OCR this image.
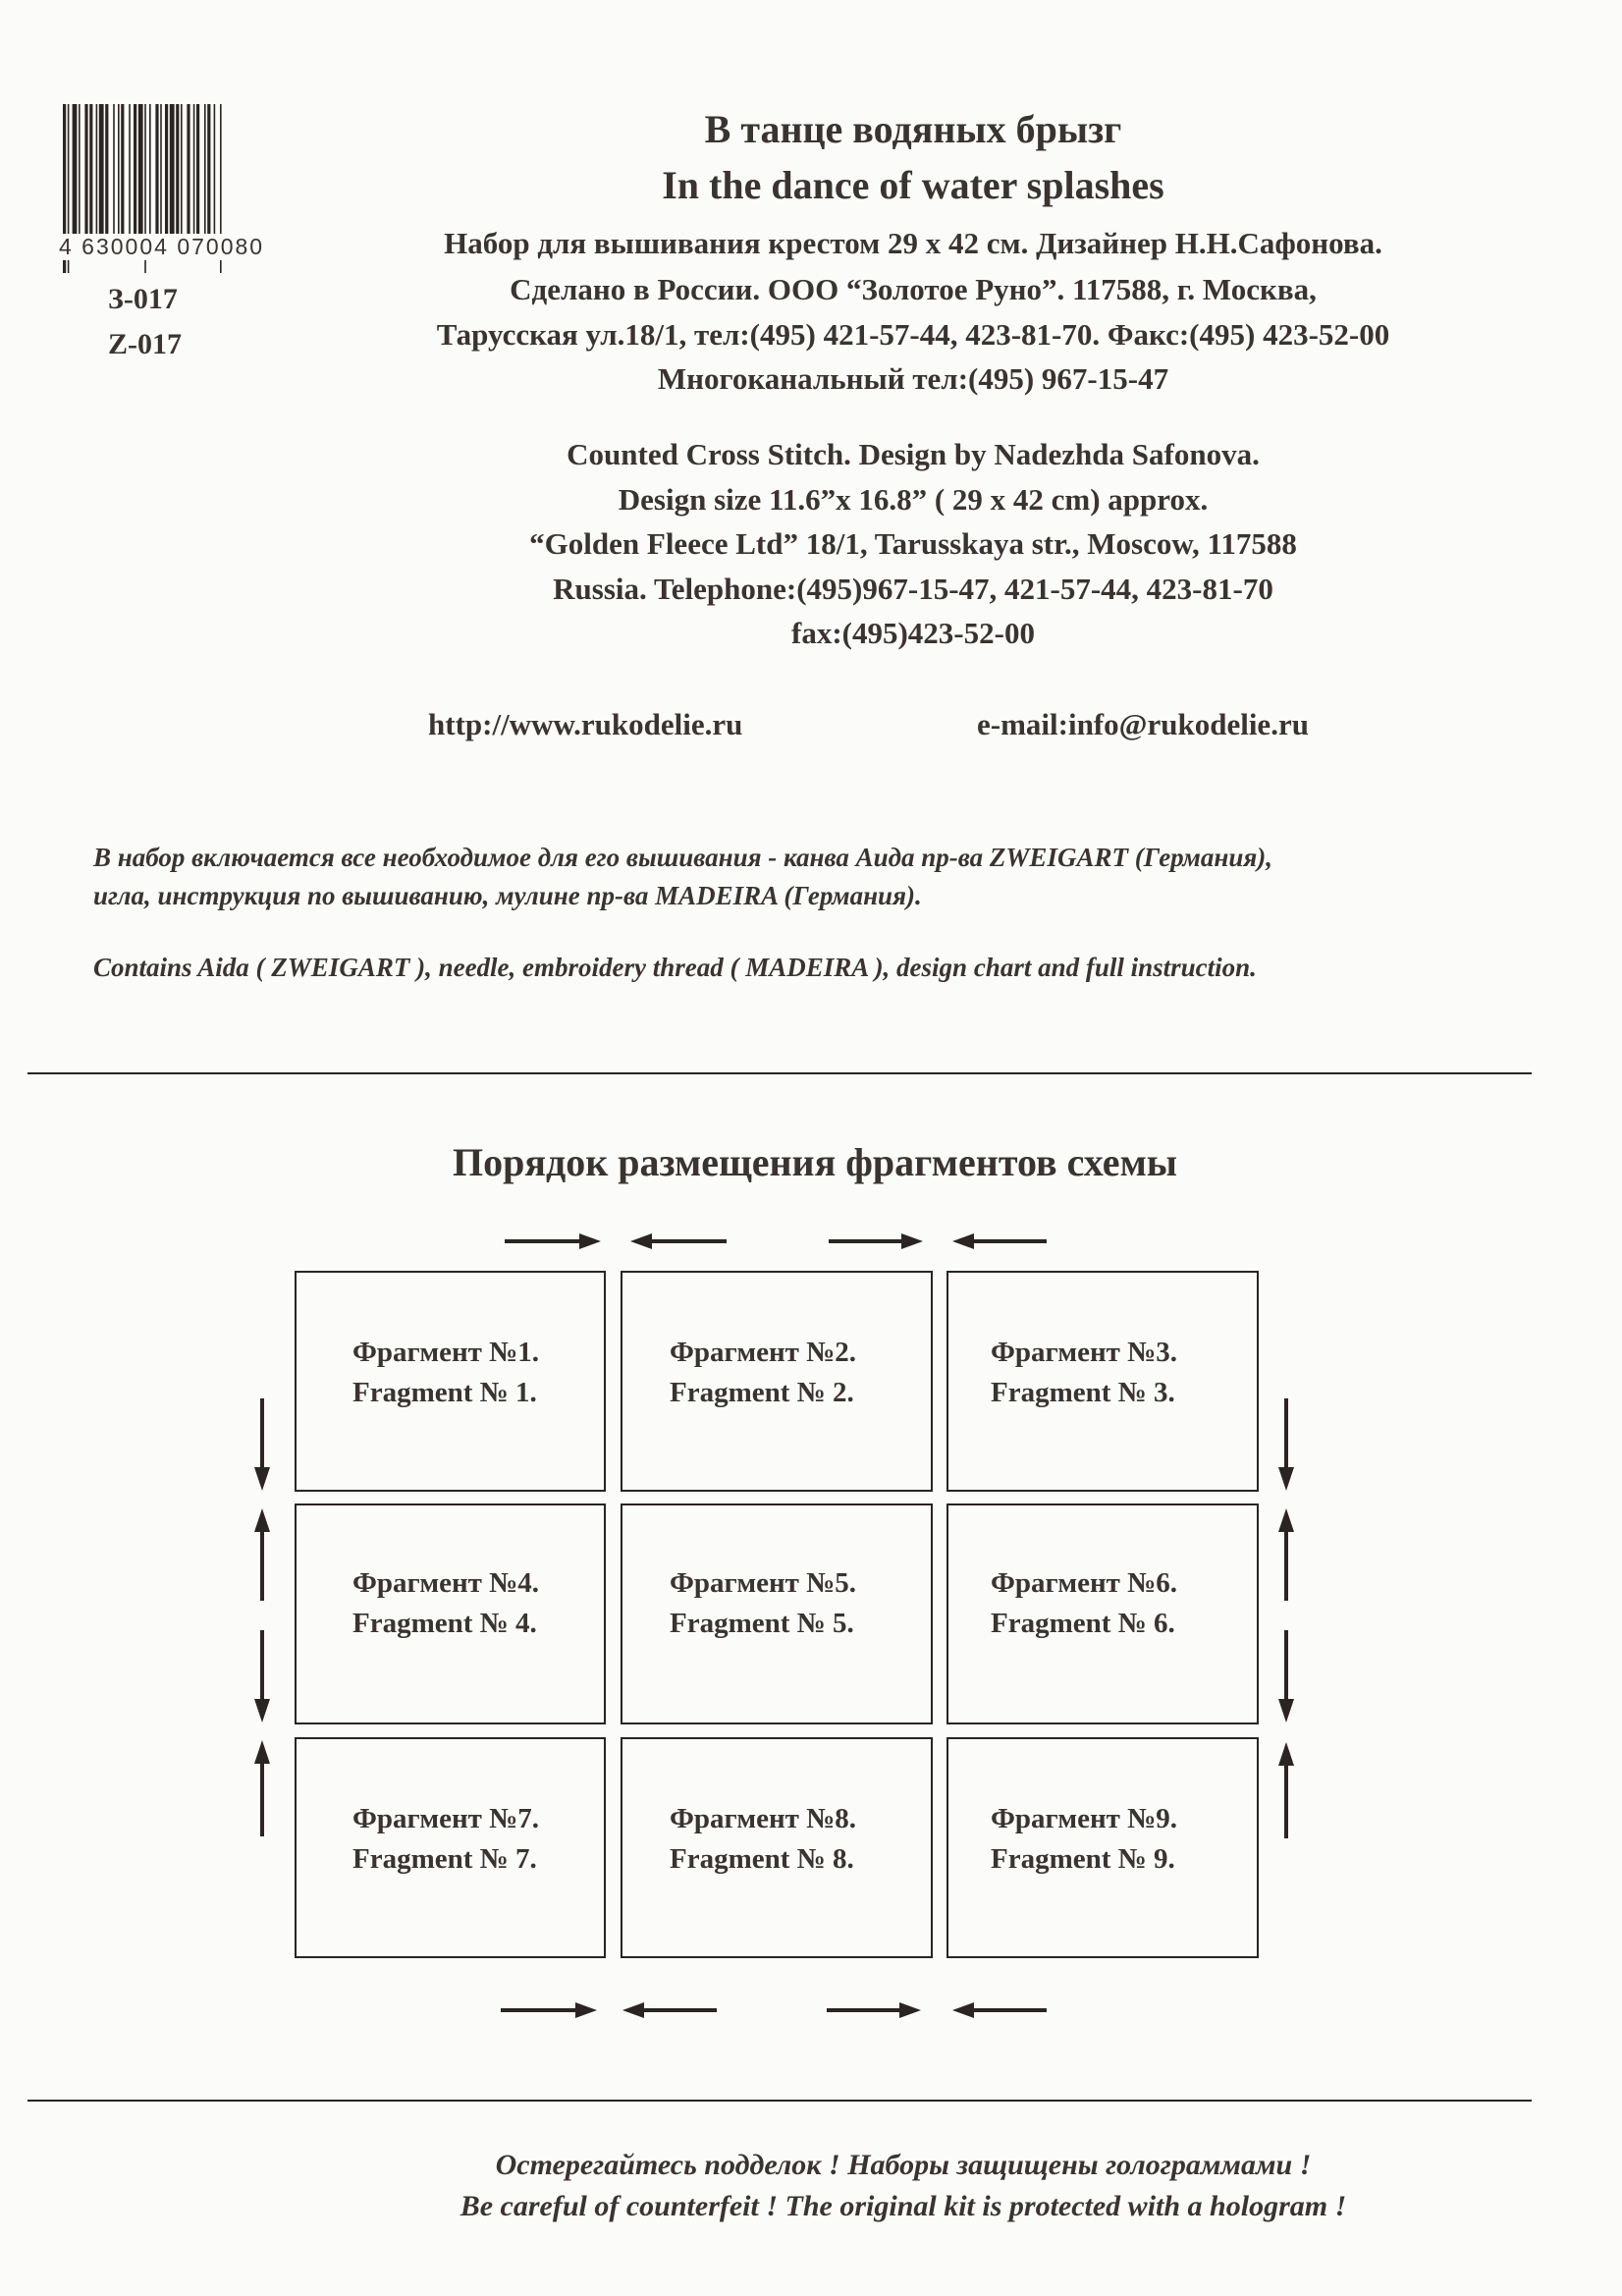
4 630004 070080
З-017
Z-017
В танце водяных брызг
In the dance of water splashes
Набор для вышивания крестом 29 х 42 см. Дизайнер Н.Н.Сафонова.
Сделано в России. ООО “Золотое Руно”. 117588, г. Москва,
Тарусская ул.18/1, тел:(495) 421-57-44, 423-81-70. Факс:(495) 423-52-00
Многоканальный тел:(495) 967-15-47
Counted Cross Stitch. Design by Nadezhda Safonova.
Design size 11.6”x 16.8” ( 29 x 42 cm) approx.
“Golden Fleece Ltd” 18/1, Tarusskaya str., Moscow, 117588
Russia. Telephone:(495)967-15-47, 421-57-44, 423-81-70
fax:(495)423-52-00
http://www.rukodelie.ru	e-mail:info@rukodelie.ru
В набор включается все необходимое для его вышивания - канва Аида пр-ва ZWEIGART (Германия),
игла, инструкция по вышиванию, мулине пр-ва MADEIRA (Германия).
Contains Aida ( ZWEIGART ), needle, embroidery thread ( MADEIRA ), design chart and full instruction.
Порядок размещения фрагментов схемы
Фрагмент №1.
Fragment № 1.
Фрагмент №2.
Fragment № 2.
Фрагмент №3.
Fragment № 3.
Фрагмент №4.
Fragment № 4.
Фрагмент №5.
Fragment № 5.
Фрагмент №6.
Fragment № 6.
Фрагмент №7.
Fragment № 7.
Фрагмент №8.
Fragment № 8.
Фрагмент №9.
Fragment № 9.
Остерегайтесь подделок ! Наборы защищены голограммами !
Be careful of counterfeit ! The original kit is protected with a hologram !
